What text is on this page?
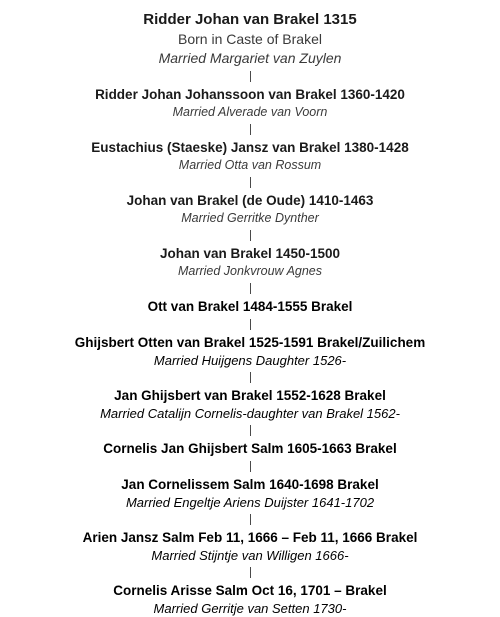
Ridder Johan van Brakel 1315
Born in Caste of Brakel
Married Margariet van Zuylen
Ridder Johan Johanssoon van Brakel 1360-1420
Married Alverade van Voorn
Eustachius (Staeske) Jansz van Brakel 1380-1428
Married Otta van Rossum
Johan van Brakel (de Oude) 1410-1463
Married Gerritke Dynther
Johan van Brakel 1450-1500
Married Jonkvrouw Agnes
Ott van Brakel 1484-1555 Brakel
Ghijsbert Otten van Brakel 1525-1591 Brakel/Zuilichem
Married Huijgens Daughter 1526-
Jan Ghijsbert van Brakel 1552-1628 Brakel
Married Catalijn Cornelis-daughter van Brakel 1562-
Cornelis Jan Ghijsbert Salm 1605-1663 Brakel
Jan Cornelissem Salm 1640-1698 Brakel
Married Engeltje Ariens Duijster 1641-1702
Arien Jansz Salm Feb 11, 1666 – Feb 11, 1666 Brakel
Married Stijntje van Willigen 1666-
Cornelis Arisse Salm Oct 16, 1701 – Brakel
Married Gerritje van Setten 1730-
